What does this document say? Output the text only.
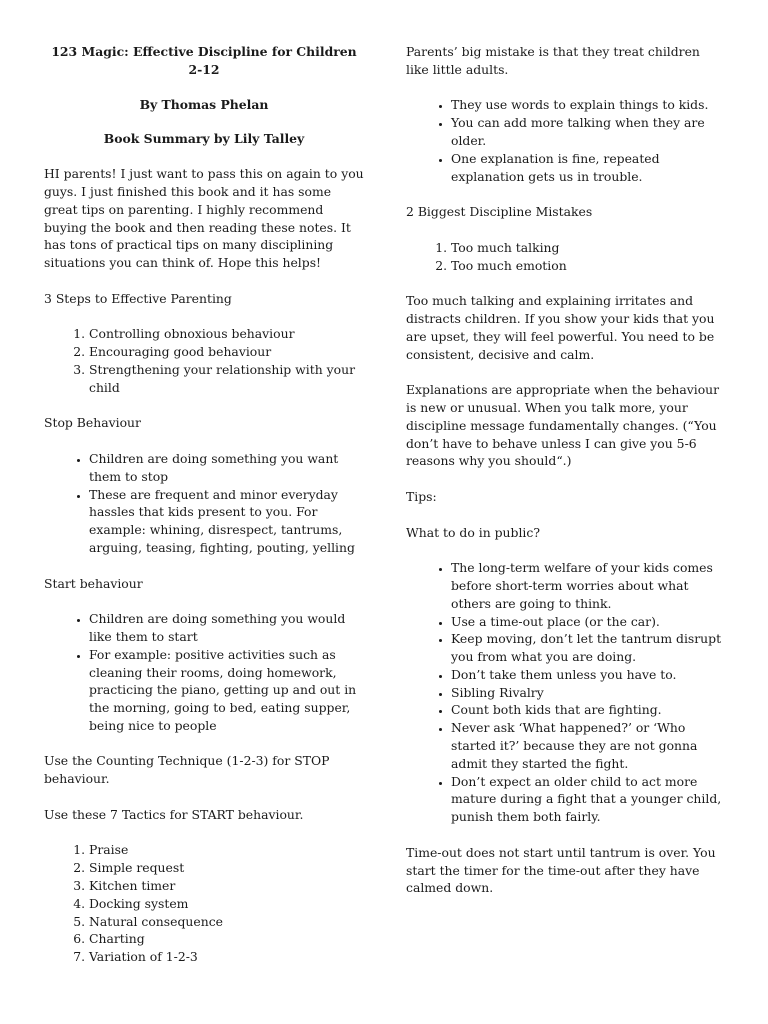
123 Magic: Effective Discipline for Children 2-12

By Thomas Phelan

Book Summary by Lily Talley

HI parents! I just want to pass this on again to you guys. I just finished this book and it has some great tips on parenting. I highly recommend buying the book and then reading these notes. It has tons of practical tips on many disciplining situations you can think of. Hope this helps!

3 Steps to Effective Parenting

1. Controlling obnoxious behaviour
2. Encouraging good behaviour
3. Strengthening your relationship with your child

Stop Behaviour

• Children are doing something you want them to stop
• These are frequent and minor everyday hassles that kids present to you. For example: whining, disrespect, tantrums, arguing, teasing, fighting, pouting, yelling

Start behaviour

• Children are doing something you would like them to start
• For example: positive activities such as cleaning their rooms, doing homework, practicing the piano, getting up and out in the morning, going to bed, eating supper, being nice to people

Use the Counting Technique (1-2-3) for STOP behaviour.

Use these 7 Tactics for START behaviour.

1. Praise
2. Simple request
3. Kitchen timer
4. Docking system
5. Natural consequence
6. Charting
7. Variation of 1-2-3

Parents’ big mistake is that they treat children like little adults.

• They use words to explain things to kids.
• You can add more talking when they are older.
• One explanation is fine, repeated explanation gets us in trouble.

2 Biggest Discipline Mistakes

1. Too much talking
2. Too much emotion

Too much talking and explaining irritates and distracts children. If you show your kids that you are upset, they will feel powerful. You need to be consistent, decisive and calm.

Explanations are appropriate when the behaviour is new or unusual. When you talk more, your discipline message fundamentally changes. (“You don’t have to behave unless I can give you 5-6 reasons why you should“.)

Tips:

What to do in public?

• The long-term welfare of your kids comes before short-term worries about what others are going to think.
• Use a time-out place (or the car).
• Keep moving, don’t let the tantrum disrupt you from what you are doing.
• Don’t take them unless you have to.
• Sibling Rivalry
• Count both kids that are fighting.
• Never ask ‘What happened?’ or ‘Who started it?’ because they are not gonna admit they started the fight.
• Don’t expect an older child to act more mature during a fight that a younger child, punish them both fairly.

Time-out does not start until tantrum is over. You start the timer for the time-out after they have calmed down.
